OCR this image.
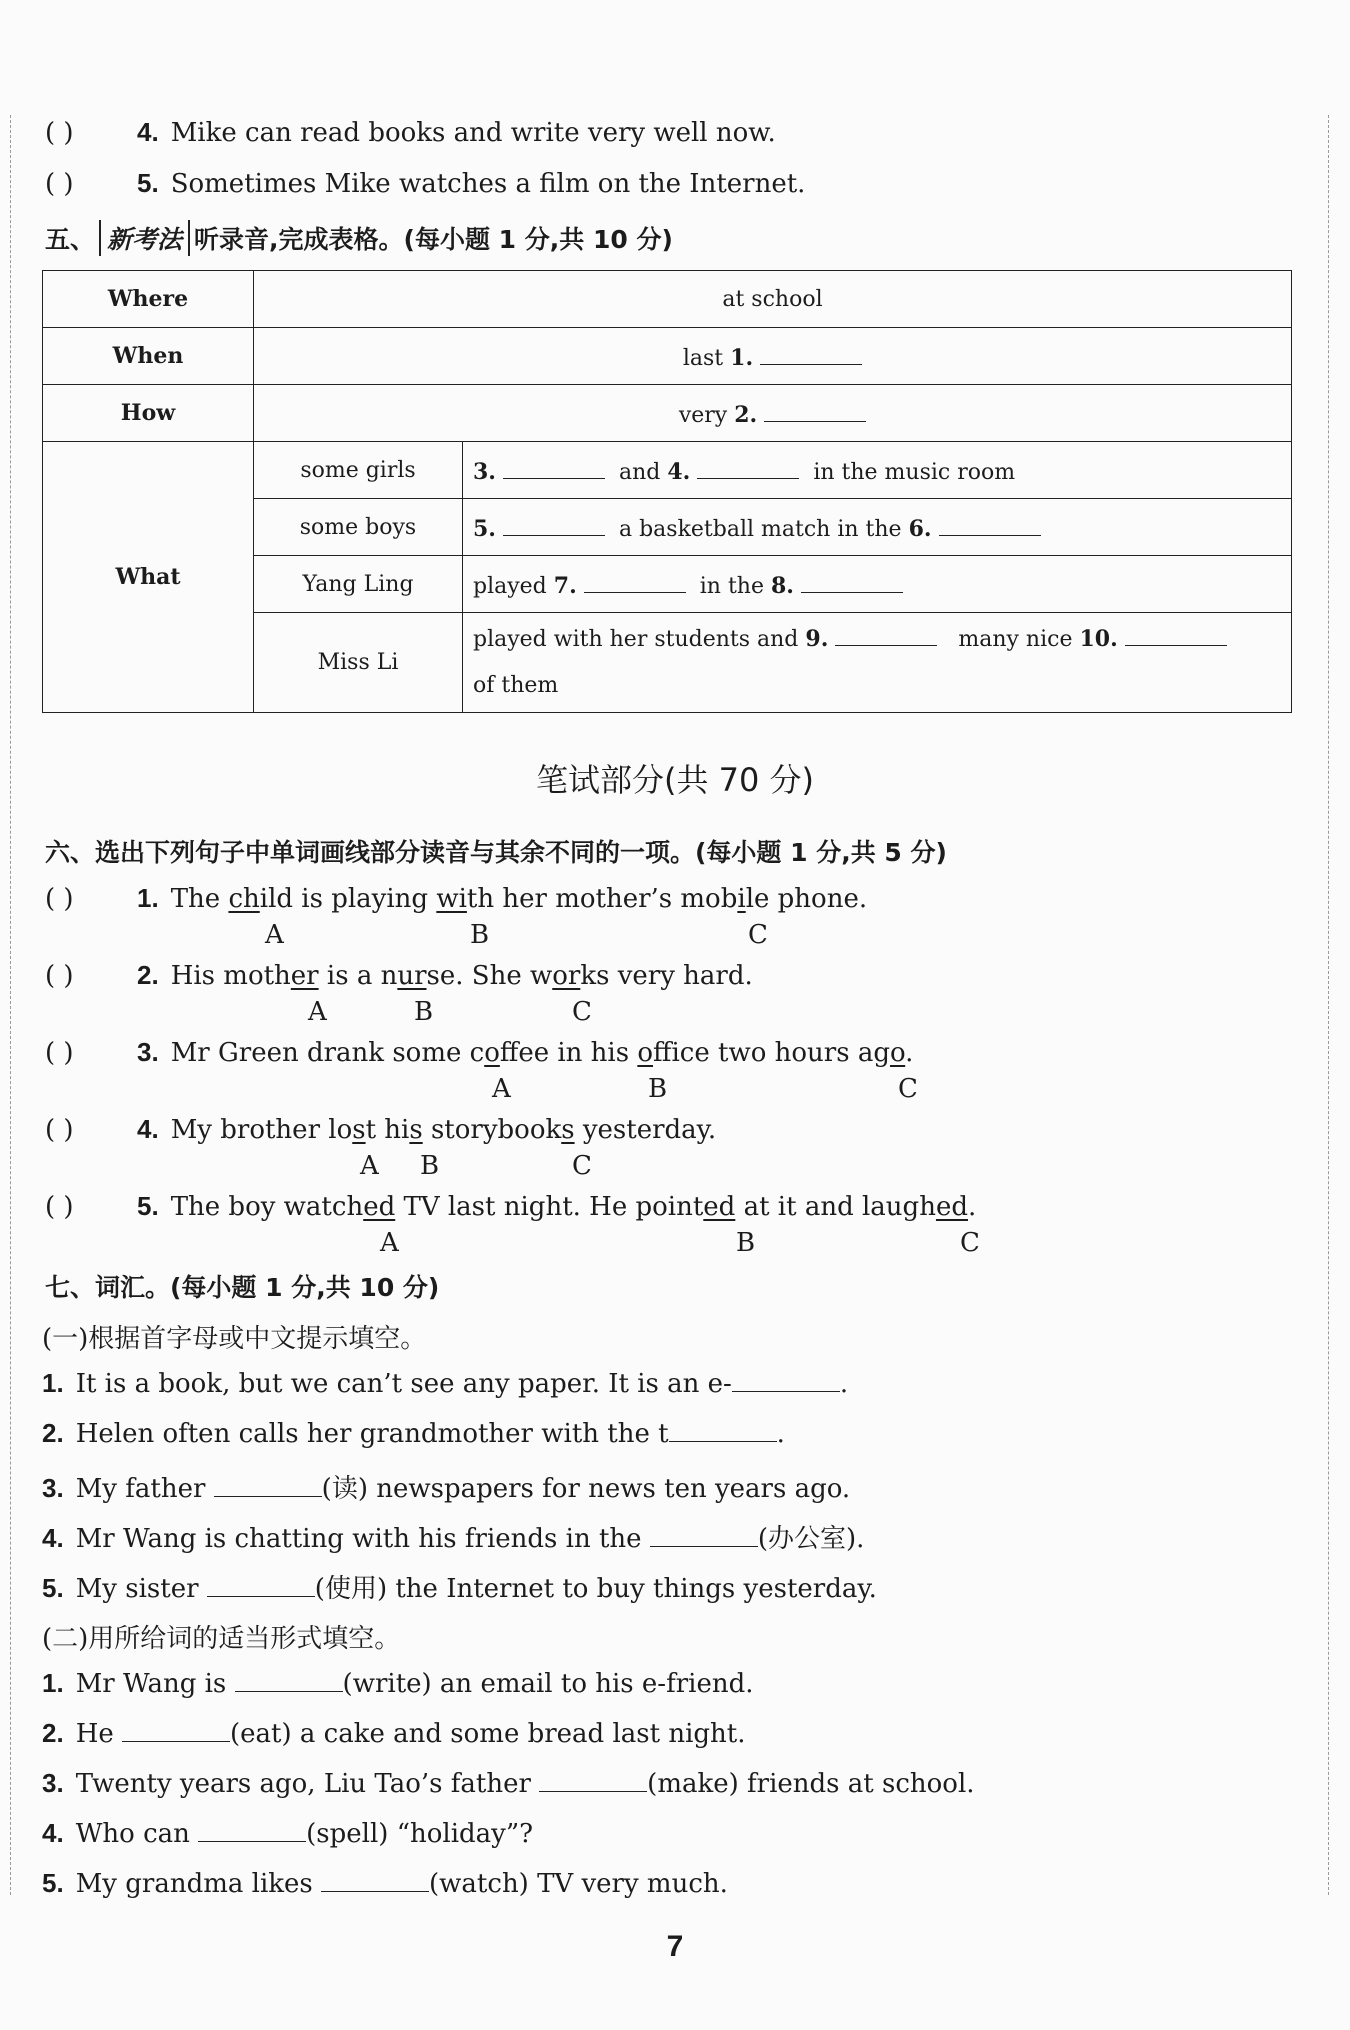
( ) 4. Mike can read books and write very well now.
( ) 5. Sometimes Mike watches a film on the Internet.
五、 新考法 听录音,完成表格。(每小题 1 分,共 10 分)
Where	at school	
When	last 1.	
How	very 2.	
What	some girls	3. and 4. in the music room
	some boys	5. a basketball match in the 6.
	Yang Ling	played 7. in the 8.
	Miss Li	played with her students and 9. many nice 10.
of them
笔试部分(共 70 分)
六、选出下列句子中单词画线部分读音与其余不同的一项。(每小题 1 分,共 5 分)
( ) 1. The child is playing with her mother’s mobile phone.
A	B	C
( ) 2. His mother is a nurse. She works very hard.
A	B	C
( ) 3. Mr Green drank some coffee in his office two hours ago.
A	B	C
( ) 4. My brother lost his storybooks yesterday.
A B	C
( ) 5. The boy watched TV last night. He pointed at it and laughed.
A	B	C
七、词汇。(每小题 1 分,共 10 分)
(一)根据首字母或中文提示填空。
1. It is a book, but we can’t see any paper. It is an e-	.
2. Helen often calls her grandmother with the t	.
3. My father	(读) newspapers for news ten years ago.
4. Mr Wang is chatting with his friends in the	(办公室).
5. My sister	(使用) the Internet to buy things yesterday.
(二)用所给词的适当形式填空。
1. Mr Wang is	(write) an email to his e-friend.
2. He	(eat) a cake and some bread last night.
3. Twenty years ago, Liu Tao’s father	(make) friends at school.
4. Who can	(spell) “holiday”?
5. My grandma likes	(watch) TV very much.
7
